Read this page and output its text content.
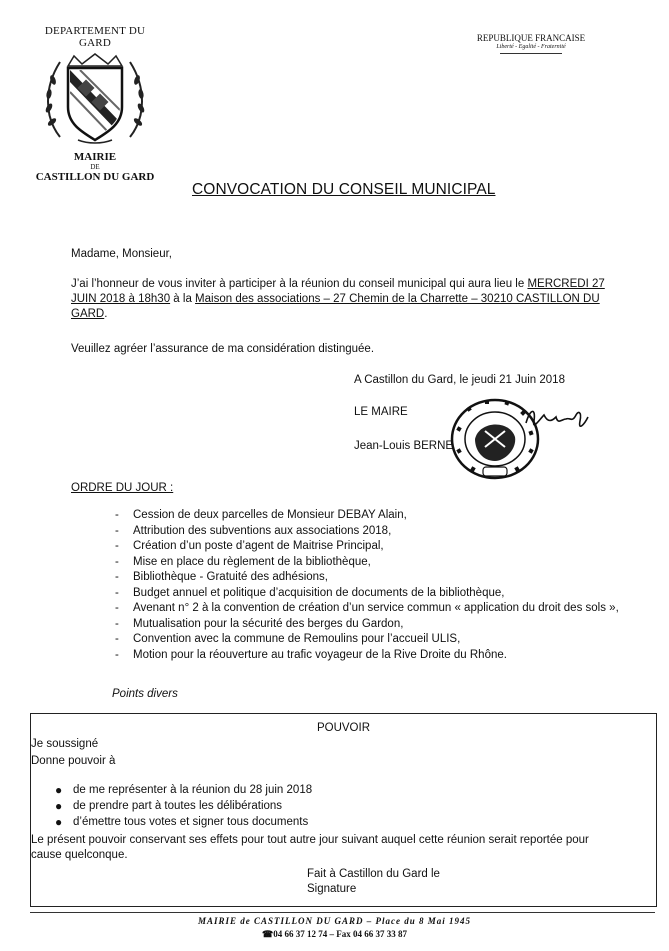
DEPARTEMENT DU GARD
MAIRIE
DE
CASTILLON DU GARD
REPUBLIQUE FRANCAISE
Liberté - Egalité - Fraternité
CONVOCATION DU CONSEIL MUNICIPAL
Madame, Monsieur,
J’ai l’honneur de vous inviter à participer à la réunion du conseil municipal qui aura lieu le MERCREDI 27 JUIN 2018 à 18h30 à la Maison des associations – 27 Chemin de la Charrette – 30210 CASTILLON DU GARD.
Veuillez agréer l’assurance de ma considération distinguée.
A Castillon du Gard, le jeudi 21 Juin 2018
LE MAIRE
Jean-Louis BERNE
ORDRE DU JOUR :
- Cession de deux parcelles de Monsieur DEBAY Alain,
- Attribution des subventions aux associations 2018,
- Création d’un poste d’agent de Maitrise Principal,
- Mise en place du règlement de la bibliothèque,
- Bibliothèque - Gratuité des adhésions,
- Budget annuel et politique d’acquisition de documents de la bibliothèque,
- Avenant n° 2 à la convention de création d’un service commun « application du droit des sols »,
- Mutualisation pour la sécurité des berges du Gardon,
- Convention avec la commune de Remoulins pour l’accueil ULIS,
- Motion pour la réouverture au trafic voyageur de la Rive Droite du Rhône.
Points divers
POUVOIR
Je soussigné
Donne pouvoir à
● de me représenter à la réunion du 28 juin 2018
● de prendre part à toutes les délibérations
● d’émettre tous votes et signer tous documents
Le présent pouvoir conservant ses effets pour tout autre jour suivant auquel cette réunion serait reportée pour cause quelconque.
Fait à Castillon du Gard le
Signature
MAIRIE de CASTILLON DU GARD – Place du 8 Mai 1945
☎04 66 37 12 74 – Fax 04 66 37 33 87
